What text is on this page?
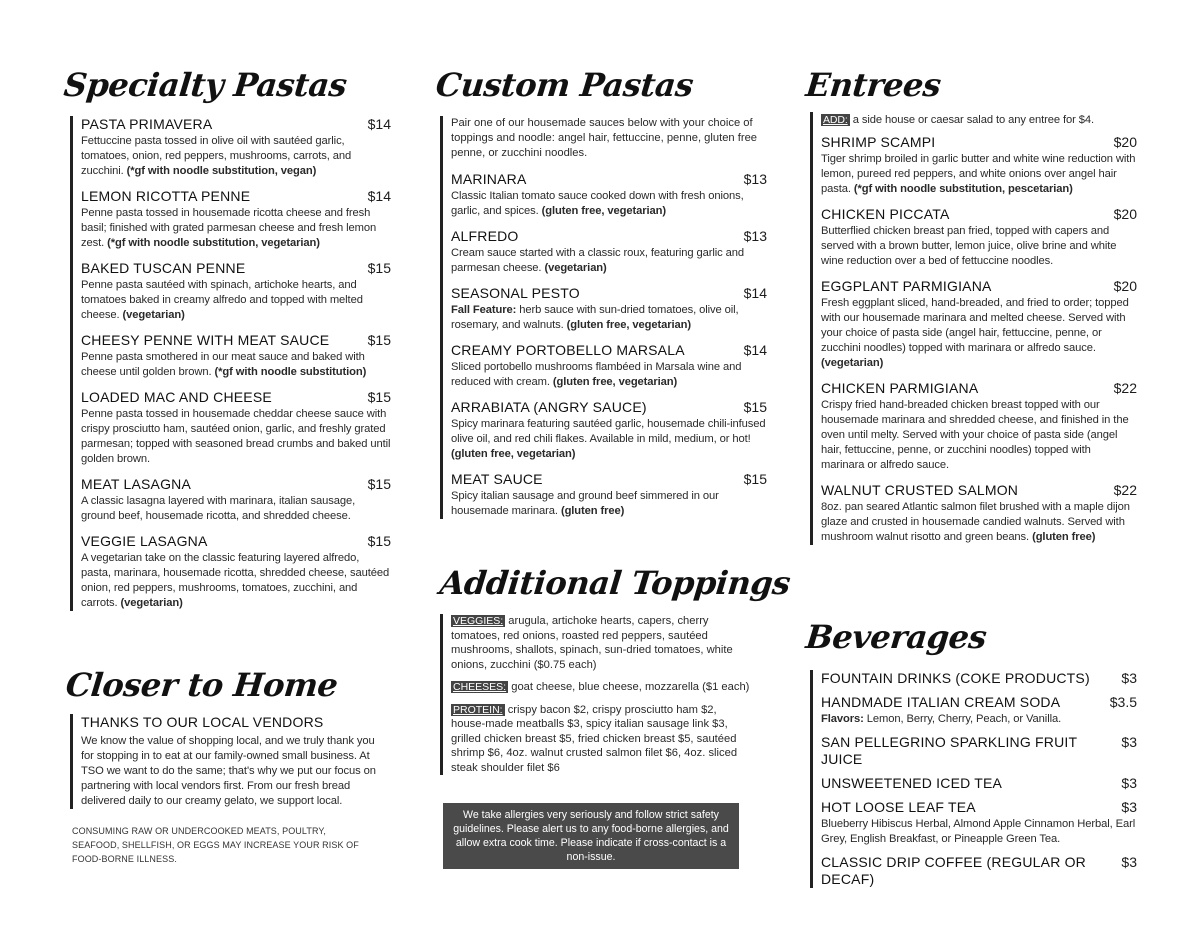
Specialty Pastas
PASTA PRIMAVERA	$14
Fettuccine pasta tossed in olive oil with sautéed garlic, tomatoes, onion, red peppers, mushrooms, carrots, and zucchini. (*gf with noodle substitution, vegan)
LEMON RICOTTA PENNE	$14
Penne pasta tossed in housemade ricotta cheese and fresh basil; finished with grated parmesan cheese and fresh lemon zest. (*gf with noodle substitution, vegetarian)
BAKED TUSCAN PENNE	$15
Penne pasta sautéed with spinach, artichoke hearts, and tomatoes baked in creamy alfredo and topped with melted cheese. (vegetarian)
CHEESY PENNE WITH MEAT SAUCE	$15
Penne pasta smothered in our meat sauce and baked with cheese until golden brown. (*gf with noodle substitution)
LOADED MAC AND CHEESE	$15
Penne pasta tossed in housemade cheddar cheese sauce with crispy prosciutto ham, sautéed onion, garlic, and freshly grated parmesan; topped with seasoned bread crumbs and baked until golden brown.
MEAT LASAGNA	$15
A classic lasagna layered with marinara, italian sausage, ground beef, housemade ricotta, and shredded cheese.
VEGGIE LASAGNA	$15
A vegetarian take on the classic featuring layered alfredo, pasta, marinara, housemade ricotta, shredded cheese, sautéed onion, red peppers, mushrooms, tomatoes, zucchini, and carrots. (vegetarian)
Closer to Home
THANKS TO OUR LOCAL VENDORS
We know the value of shopping local, and we truly thank you for stopping in to eat at our family-owned small business. At TSO we want to do the same; that's why we put our focus on partnering with local vendors first. From our fresh bread delivered daily to our creamy gelato, we support local.
CONSUMING RAW OR UNDERCOOKED MEATS, POULTRY, SEAFOOD, SHELLFISH, OR EGGS MAY INCREASE YOUR RISK OF FOOD-BORNE ILLNESS.
Custom Pastas
Pair one of our housemade sauces below with your choice of toppings and noodle: angel hair, fettuccine, penne, gluten free penne, or zucchini noodles.
MARINARA	$13
Classic Italian tomato sauce cooked down with fresh onions, garlic, and spices. (gluten free, vegetarian)
ALFREDO	$13
Cream sauce started with a classic roux, featuring garlic and parmesan cheese. (vegetarian)
SEASONAL PESTO	$14
Fall Feature: herb sauce with sun-dried tomatoes, olive oil, rosemary, and walnuts. (gluten free, vegetarian)
CREAMY PORTOBELLO MARSALA	$14
Sliced portobello mushrooms flambéed in Marsala wine and reduced with cream. (gluten free, vegetarian)
ARRABIATA (ANGRY SAUCE)	$15
Spicy marinara featuring sautéed garlic, housemade chili-infused olive oil, and red chili flakes. Available in mild, medium, or hot! (gluten free, vegetarian)
MEAT SAUCE	$15
Spicy italian sausage and ground beef simmered in our housemade marinara. (gluten free)
Additional Toppings
VEGGIES: arugula, artichoke hearts, capers, cherry tomatoes, red onions, roasted red peppers, sautéed mushrooms, shallots, spinach, sun-dried tomatoes, white onions, zucchini ($0.75 each)
CHEESES: goat cheese, blue cheese, mozzarella ($1 each)
PROTEIN: crispy bacon $2, crispy prosciutto ham $2, house-made meatballs $3, spicy italian sausage link $3, grilled chicken breast $5, fried chicken breast $5, sautéed shrimp $6, 4oz. walnut crusted salmon filet $6, 4oz. sliced steak shoulder filet $6
We take allergies very seriously and follow strict safety guidelines. Please alert us to any food-borne allergies, and allow extra cook time. Please indicate if cross-contact is a non-issue.
Entrees
ADD: a side house or caesar salad to any entree for $4.
SHRIMP SCAMPI	$20
Tiger shrimp broiled in garlic butter and white wine reduction with lemon, pureed red peppers, and white onions over angel hair pasta. (*gf with noodle substitution, pescetarian)
CHICKEN PICCATA	$20
Butterflied chicken breast pan fried, topped with capers and served with a brown butter, lemon juice, olive brine and white wine reduction over a bed of fettuccine noodles.
EGGPLANT PARMIGIANA	$20
Fresh eggplant sliced, hand-breaded, and fried to order; topped with our housemade marinara and melted cheese. Served with your choice of pasta side (angel hair, fettuccine, penne, or zucchini noodles) topped with marinara or alfredo sauce. (vegetarian)
CHICKEN PARMIGIANA	$22
Crispy fried hand-breaded chicken breast topped with our housemade marinara and shredded cheese, and finished in the oven until melty. Served with your choice of pasta side (angel hair, fettuccine, penne, or zucchini noodles) topped with marinara or alfredo sauce.
WALNUT CRUSTED SALMON	$22
8oz. pan seared Atlantic salmon filet brushed with a maple dijon glaze and crusted in housemade candied walnuts. Served with mushroom walnut risotto and green beans. (gluten free)
Beverages
FOUNTAIN DRINKS (COKE PRODUCTS)	$3
HANDMADE ITALIAN CREAM SODA	$3.5
Flavors: Lemon, Berry, Cherry, Peach, or Vanilla.
SAN PELLEGRINO SPARKLING FRUIT JUICE
$3
UNSWEETENED ICED TEA	$3
HOT LOOSE LEAF TEA	$3
Blueberry Hibiscus Herbal, Almond Apple Cinnamon Herbal, Earl Grey, English Breakfast, or Pineapple Green Tea.
CLASSIC DRIP COFFEE (REGULAR OR DECAF)
$3
